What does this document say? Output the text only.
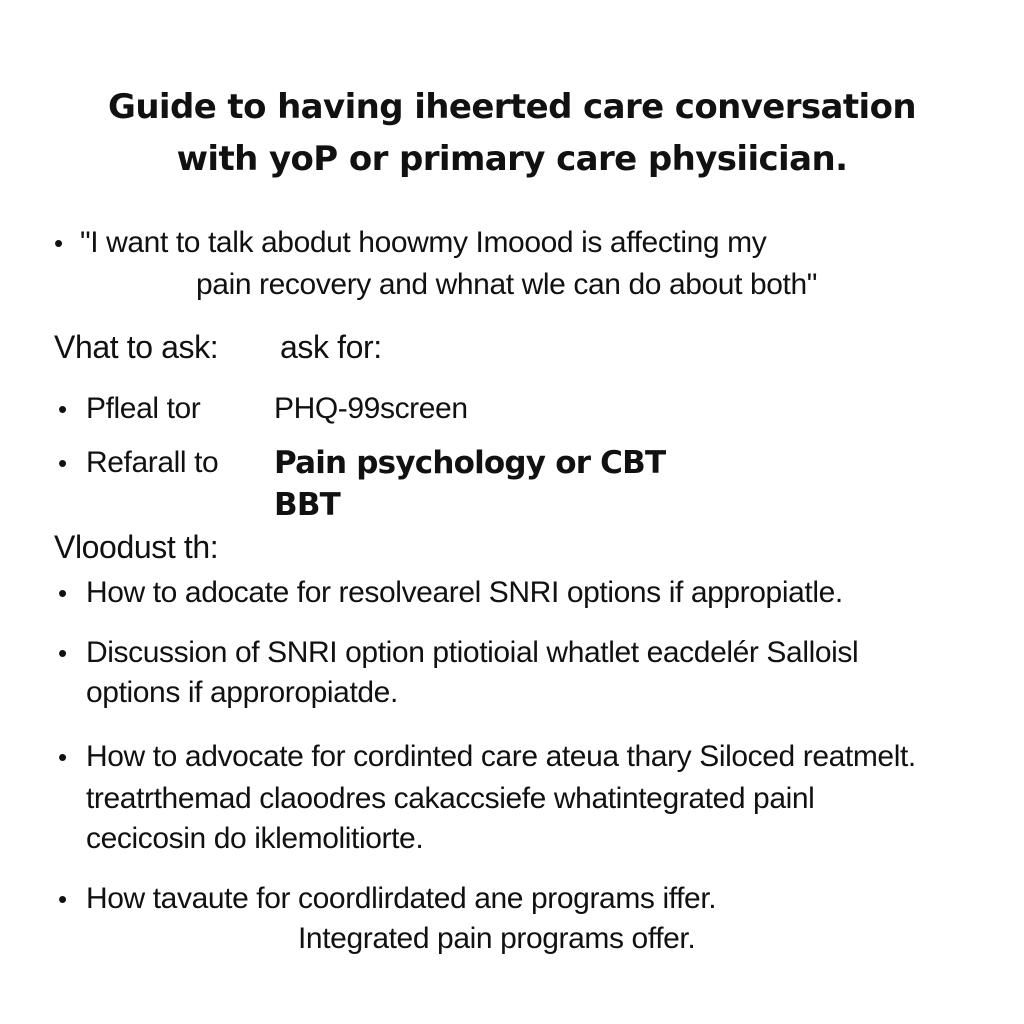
Guide to having iheerted care conversation
with yoP or primary care physiician.
• "I want to talk abodut hoowmy Imoood is affecting my
pain recovery and whnat wle can do about both"
Vhat to ask: ask for:
• Pfleal tor PHQ-99screen
• Refarall to Pain psychology or CBT
BBT
Vloodust th:
• How to adocate for resolvearel SNRI options if appropiatle.
• Discussion of SNRI option ptiotioial whatlet eacdelér Salloisl
options if approropiatde.
• How to advocate for cordinted care ateua thary Siloced reatmelt.
treatrthemad claoodres cakaccsiefe whatintegrated painl
cecicosin do iklemolitiorte.
• How tavaute for coordlirdated ane programs iffer.
Integrated pain programs offer.
